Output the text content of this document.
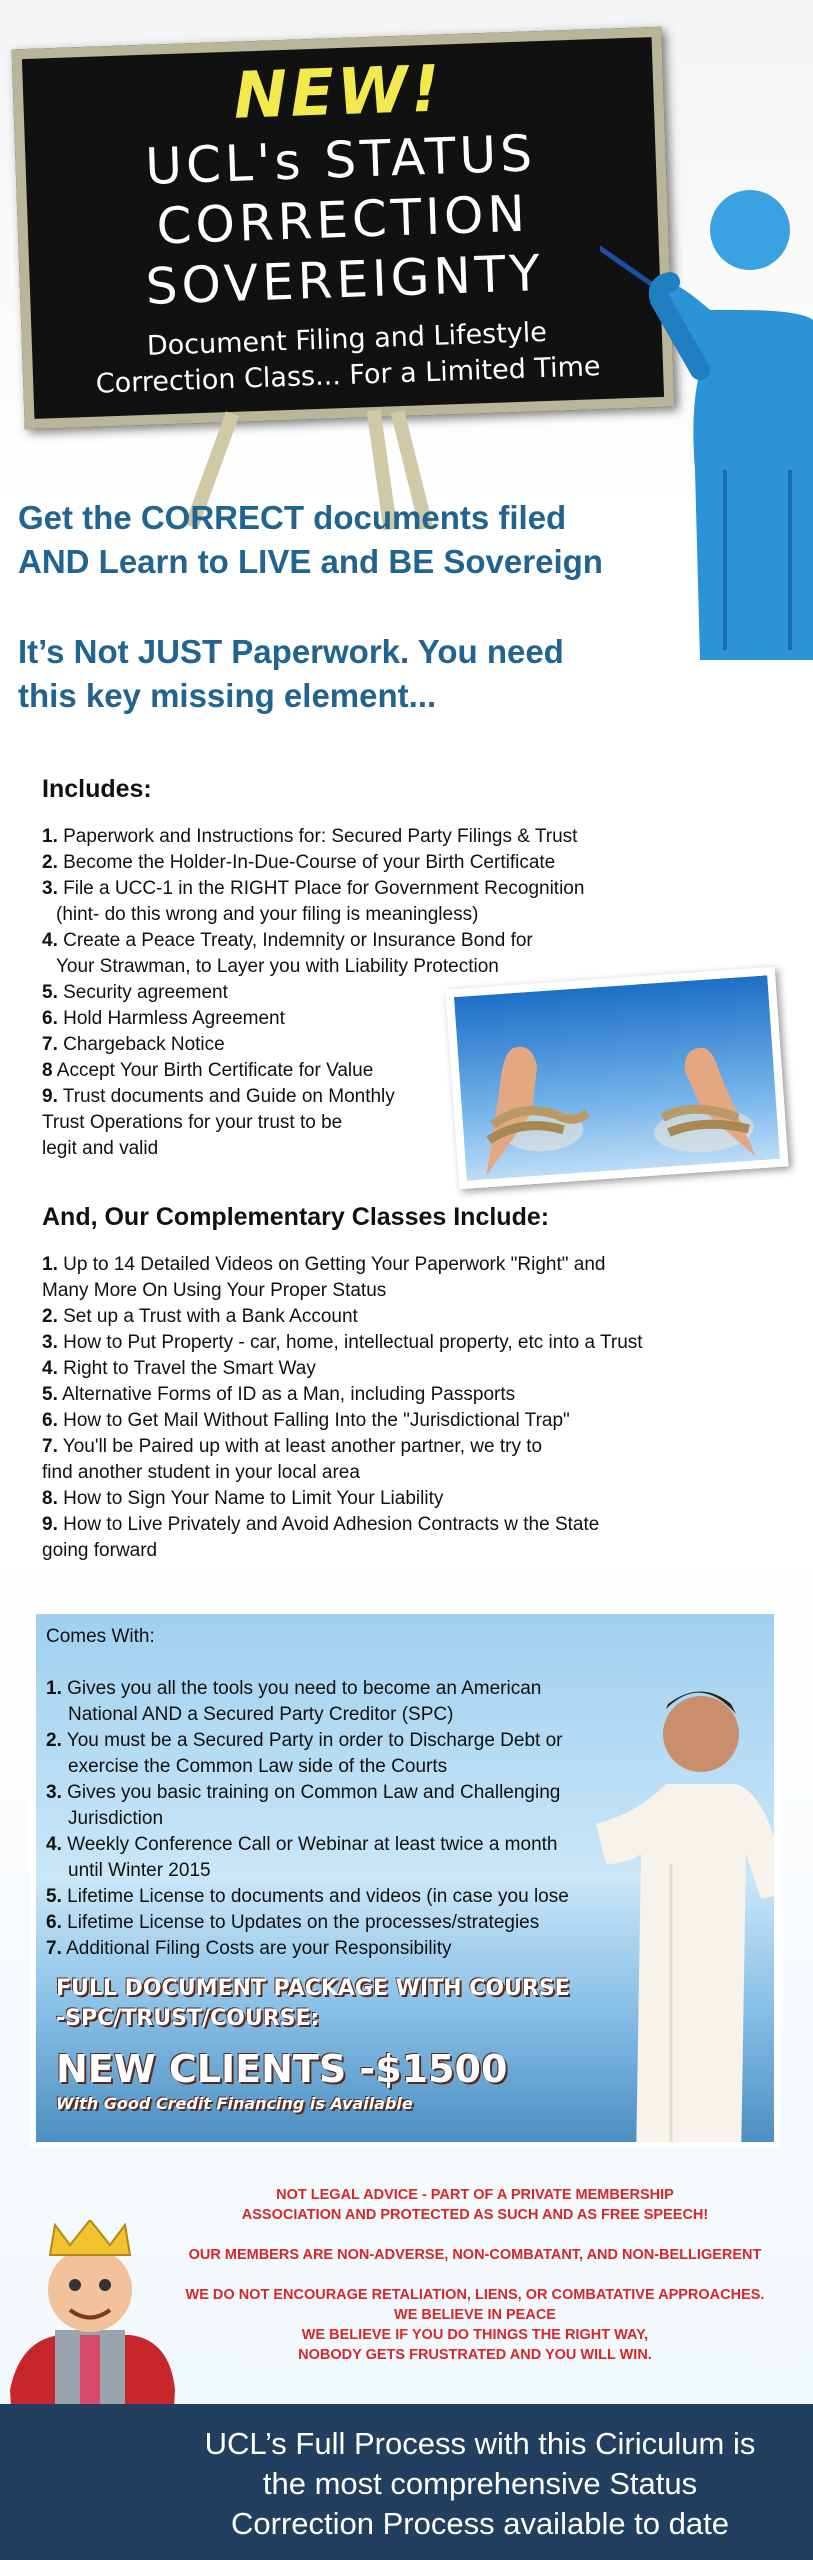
NEW!
UCL's STATUS
CORRECTION
SOVEREIGNTY
Document Filing and Lifestyle
Correction Class... For a Limited Time
Get the CORRECT documents filed
AND Learn to LIVE and BE Sovereign
It’s Not JUST Paperwork. You need
this key missing element...
Includes:
1. Paperwork and Instructions for: Secured Party Filings & Trust
2. Become the Holder-In-Due-Course of your Birth Certificate
3. File a UCC-1 in the RIGHT Place for Government Recognition
(hint- do this wrong and your filing is meaningless)
4. Create a Peace Treaty, Indemnity or Insurance Bond for
Your Strawman, to Layer you with Liability Protection
5. Security agreement
6. Hold Harmless Agreement
7. Chargeback Notice
8 Accept Your Birth Certificate for Value
9. Trust documents and Guide on Monthly
Trust Operations for your trust to be
legit and valid
And, Our Complementary Classes Include:
1. Up to 14 Detailed Videos on Getting Your Paperwork "Right" and
Many More On Using Your Proper Status
2. Set up a Trust with a Bank Account
3. How to Put Property - car, home, intellectual property, etc into a Trust
4. Right to Travel the Smart Way
5. Alternative Forms of ID as a Man, including Passports
6. How to Get Mail Without Falling Into the "Jurisdictional Trap"
7. You'll be Paired up with at least another partner, we try to
find another student in your local area
8. How to Sign Your Name to Limit Your Liability
9. How to Live Privately and Avoid Adhesion Contracts w the State
going forward
Comes With:
1. Gives you all the tools you need to become an American
National AND a Secured Party Creditor (SPC)
2. You must be a Secured Party in order to Discharge Debt or
exercise the Common Law side of the Courts
3. Gives you basic training on Common Law and Challenging
Jurisdiction
4. Weekly Conference Call or Webinar at least twice a month
until Winter 2015
5. Lifetime License to documents and videos (in case you lose
6. Lifetime License to Updates on the processes/strategies
7. Additional Filing Costs are your Responsibility
FULL DOCUMENT PACKAGE WITH COURSE
-SPC/TRUST/COURSE:
NEW CLIENTS -$1500
With Good Credit Financing is Available

NOT LEGAL ADVICE - PART OF A PRIVATE MEMBERSHIP
ASSOCIATION AND PROTECTED AS SUCH AND AS FREE SPEECH!

OUR MEMBERS ARE NON-ADVERSE, NON-COMBATANT, AND NON-BELLIGERENT

WE DO NOT ENCOURAGE RETALIATION, LIENS, OR COMBATATIVE APPROACHES.
WE BELIEVE IN PEACE
WE BELIEVE IF YOU DO THINGS THE RIGHT WAY,
NOBODY GETS FRUSTRATED AND YOU WILL WIN.

UCL’s Full Process with this Ciriculum is
the most comprehensive Status
Correction Process available to date
